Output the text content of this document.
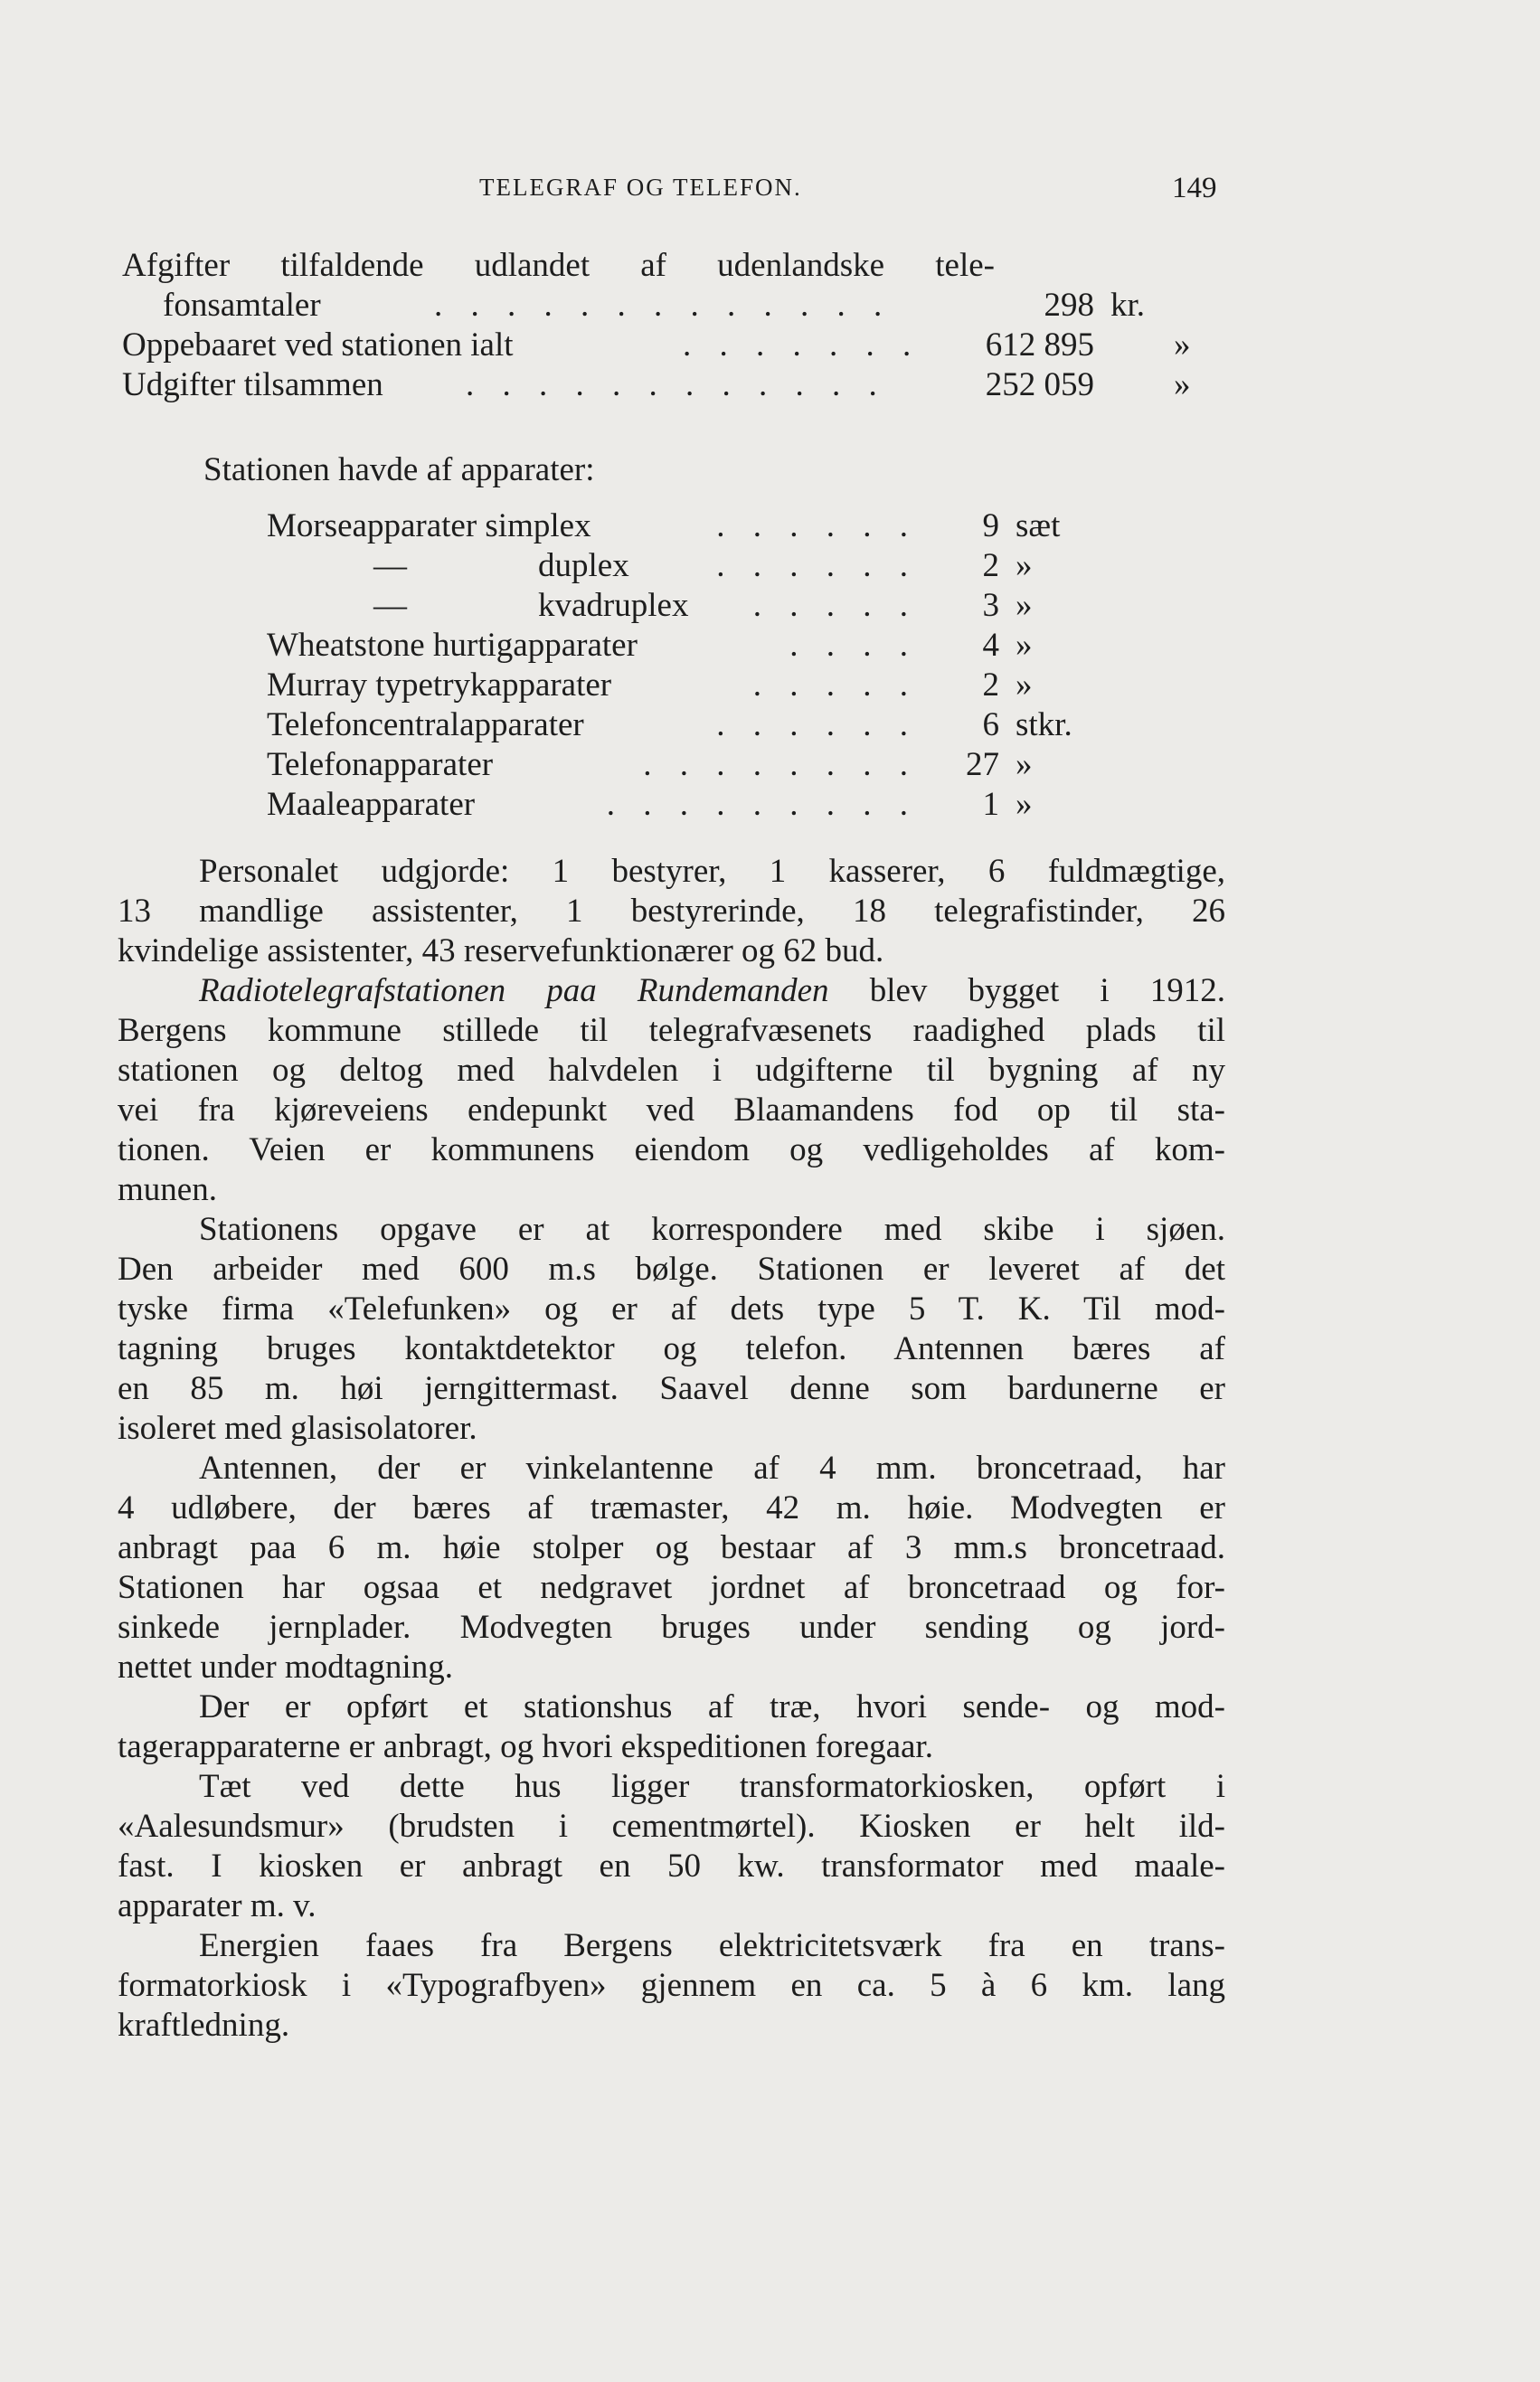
TELEGRAF OG TELEFON.	149
Afgifter tilfaldende udlandet af udenlandske tele-
fonsamtaler	. . . . . . . . . . . . .	298 kr.
Oppebaaret ved stationen ialt	. . . . . . .	612 895 »
Udgifter tilsammen . . . . . . . . . . . .	252 059 »
Stationen havde af apparater:
Morseapparater simplex	. . . . . .	9 sæt
—	duplex	. . . . . .	2 »
—	kvadruplex . . . . .	3 »
Wheatstone hurtigapparater	. . . .	4 »
Murray typetrykapparater	. . . . .	2 »
Telefoncentralapparater	. . . . . .	6 stkr.
Telefonapparater	. . . . . . . .	27 »
Maaleapparater	. . . . . . . . .	1 »
Personalet udgjorde: 1 bestyrer, 1 kasserer, 6 fuldmægtige,
13 mandlige assistenter, 1 bestyrerinde, 18 telegrafistinder, 26
kvindelige assistenter, 43 reservefunktionærer og 62 bud.
Radiotelegrafstationen paa Rundemanden blev bygget i 1912.
Bergens kommune stillede til telegrafvæsenets raadighed plads til
stationen og deltog med halvdelen i udgifterne til bygning af ny
vei fra kjøreveiens endepunkt ved Blaamandens fod op til sta-
tionen. Veien er kommunens eiendom og vedligeholdes af kom-
munen.
Stationens opgave er at korrespondere med skibe i sjøen.
Den arbeider med 600 m.s bølge. Stationen er leveret af det
tyske firma «Telefunken» og er af dets type 5 T. K. Til mod-
tagning bruges kontaktdetektor og telefon. Antennen bæres af
en 85 m. høi jerngittermast. Saavel denne som bardunerne er
isoleret med glasisolatorer.
Antennen, der er vinkelantenne af 4 mm. broncetraad, har
4 udløbere, der bæres af træmaster, 42 m. høie. Modvegten er
anbragt paa 6 m. høie stolper og bestaar af 3 mm.s broncetraad.
Stationen har ogsaa et nedgravet jordnet af broncetraad og for-
sinkede jernplader. Modvegten bruges under sending og jord-
nettet under modtagning.
Der er opført et stationshus af træ, hvori sende- og mod-
tagerapparaterne er anbragt, og hvori ekspeditionen foregaar.
Tæt ved dette hus ligger transformatorkiosken, opført i
«Aalesundsmur» (brudsten i cementmørtel). Kiosken er helt ild-
fast. I kiosken er anbragt en 50 kw. transformator med maale-
apparater m. v.
Energien faaes fra Bergens elektricitetsværk fra en trans-
formatorkiosk i «Typografbyen» gjennem en ca. 5 à 6 km. lang
kraftledning.
